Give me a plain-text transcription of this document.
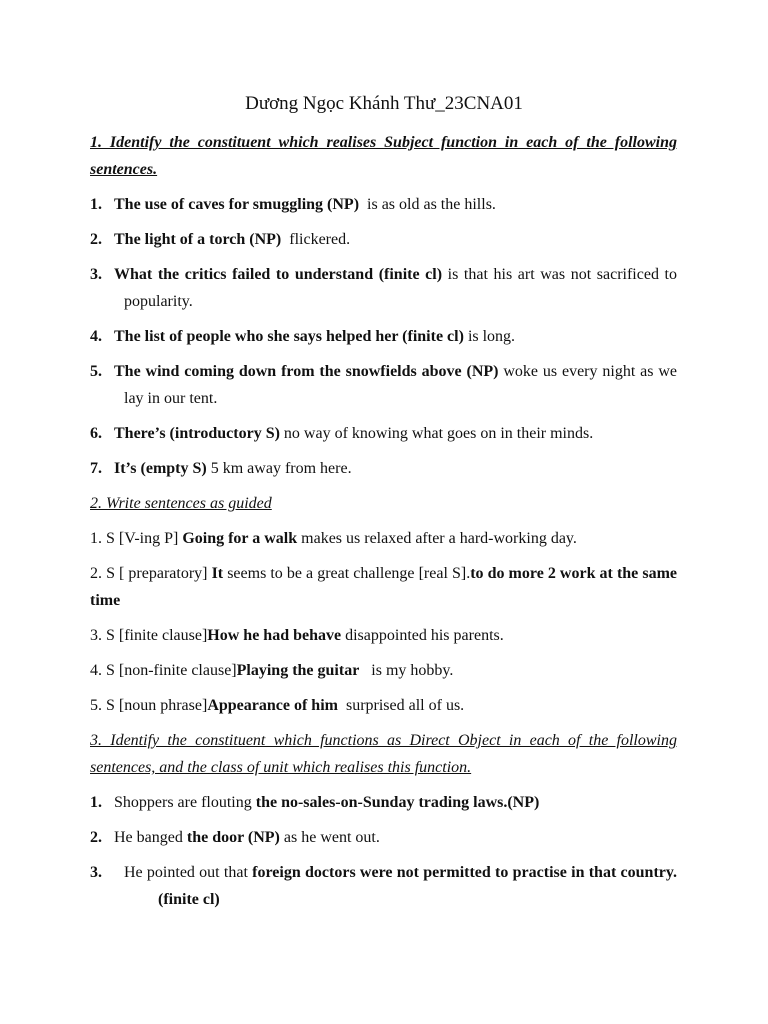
Dương Ngọc Khánh Thư_23CNA01

1. Identify the constituent which realises Subject function in each of the following sentences.

1. The use of caves for smuggling (NP)  is as old as the hills.

2. The light of a torch (NP)  flickered.

3. What the critics failed to understand (finite cl) is that his art was not sacrificed to popularity.

4. The list of people who she says helped her (finite cl) is long.

5. The wind coming down from the snowfields above (NP) woke us every night as we lay in our tent.

6. There’s (introductory S) no way of knowing what goes on in their minds.

7. It’s (empty S) 5 km away from here.

2. Write sentences as guided

1. S [V-ing P] Going for a walk makes us relaxed after a hard-working day.

2. S [ preparatory] It seems to be a great challenge [real S].to do more 2 work at the same time

3. S [finite clause]How he had behave disappointed his parents.

4. S [non-finite clause]Playing the guitar   is my hobby.

5. S [noun phrase]Appearance of him  surprised all of us.

3. Identify the constituent which functions as Direct Object in each of the following sentences, and the class of unit which realises this function.

1. Shoppers are flouting the no-sales-on-Sunday trading laws.(NP)

2. He banged the door (NP) as he went out.

3. He pointed out that foreign doctors were not permitted to practise in that country.  (finite cl)
